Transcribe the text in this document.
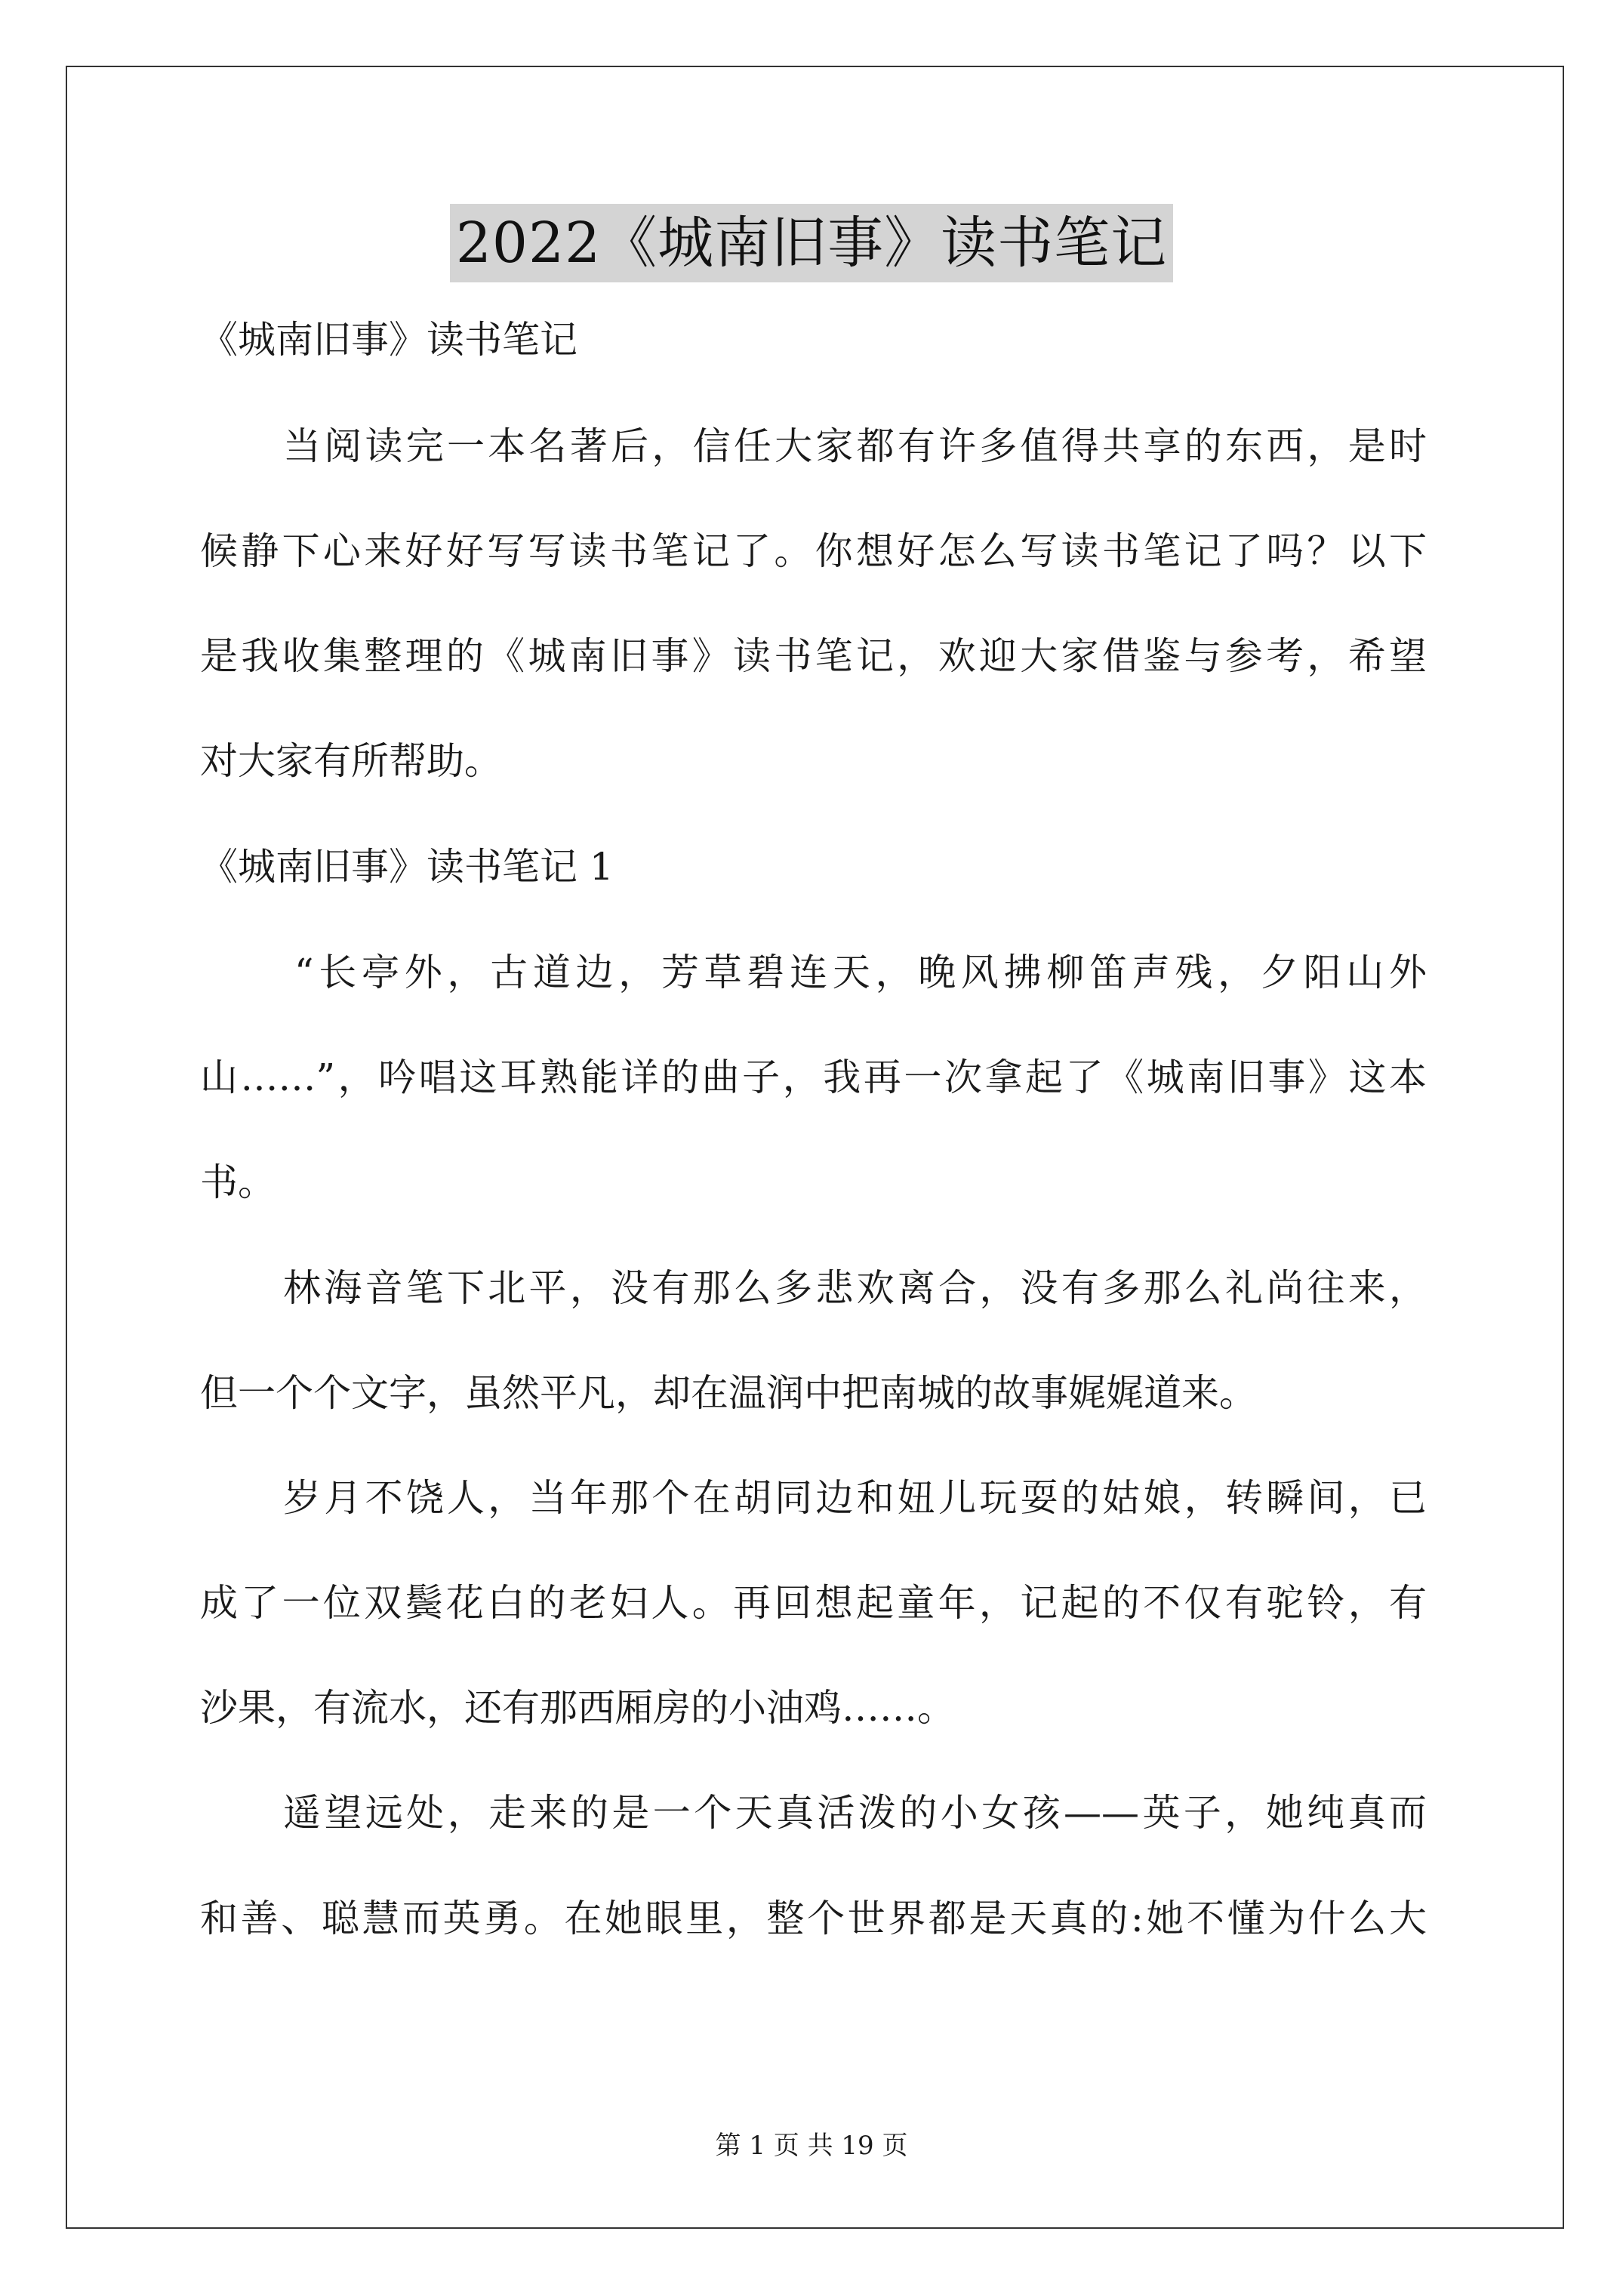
2022《城南旧事》读书笔记
《城南旧事》读书笔记
当阅读完一本名著后，信任大家都有许多值得共享的东西，是时
候静下心来好好写写读书笔记了。你想好怎么写读书笔记了吗？以下
是我收集整理的《城南旧事》读书笔记，欢迎大家借鉴与参考，希望
对大家有所帮助。
《城南旧事》读书笔记 1
“长亭外，古道边，芳草碧连天，晚风拂柳笛声残，夕阳山外
山……”，吟唱这耳熟能详的曲子，我再一次拿起了《城南旧事》这本
书。
林海音笔下北平，没有那么多悲欢离合，没有多那么礼尚往来，
但一个个文字，虽然平凡，却在温润中把南城的故事娓娓道来。
岁月不饶人，当年那个在胡同边和妞儿玩耍的姑娘，转瞬间，已
成了一位双鬓花白的老妇人。再回想起童年，记起的不仅有驼铃，有
沙果，有流水，还有那西厢房的小油鸡……。
遥望远处，走来的是一个天真活泼的小女孩——英子，她纯真而
和善、聪慧而英勇。在她眼里，整个世界都是天真的:她不懂为什么大
第 1 页 共 19 页
